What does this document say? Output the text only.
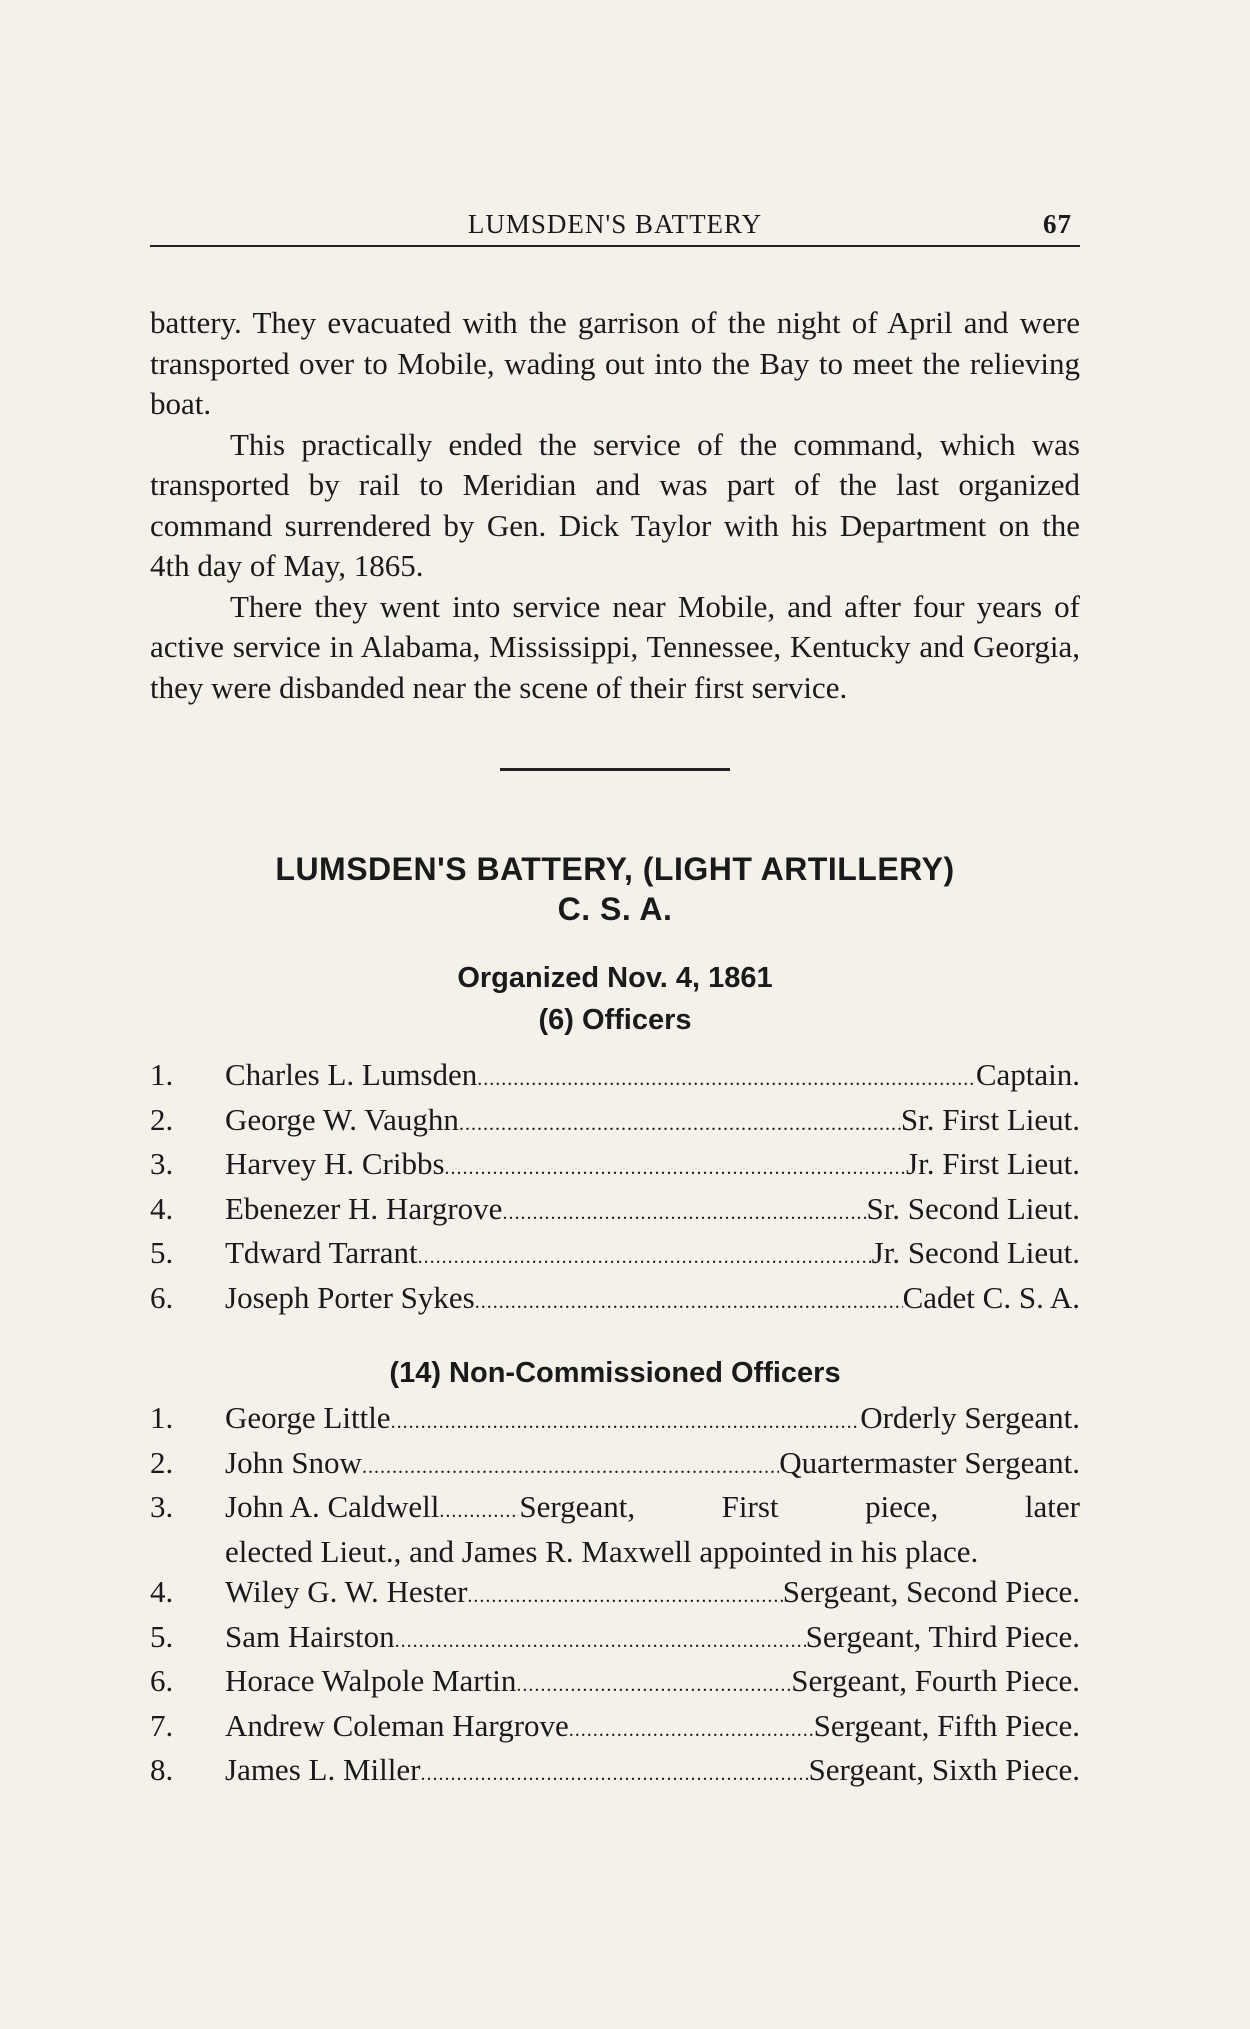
LUMSDEN'S BATTERY	67

battery. They evacuated with the garrison of the night of April and were transported over to Mobile, wading out into the Bay to meet the relieving boat.

This practically ended the service of the command, which was transported by rail to Meridian and was part of the last organized command surrendered by Gen. Dick Taylor with his Department on the 4th day of May, 1865.

There they went into service near Mobile, and after four years of active service in Alabama, Mississippi, Tennessee, Kentucky and Georgia, they were disbanded near the scene of their first service.

LUMSDEN'S BATTERY, (LIGHT ARTILLERY)
C. S. A.
Organized Nov. 4, 1861
(6) Officers
1.	Charles L. Lumsden .....	Captain.
2.	George W. Vaughn .....	Sr. First Lieut.
3.	Harvey H. Cribbs .....	Jr. First Lieut.
4.	Ebenezer H. Hargrove .....	Sr. Second Lieut.
5.	Tdward Tarrant .....	Jr. Second Lieut.
6.	Joseph Porter Sykes .....	Cadet C. S. A.
(14) Non-Commissioned Officers
1.	George Little .....	Orderly Sergeant.
2.	John Snow .....	Quartermaster Sergeant.
3.	John A. Caldwell .....	Sergeant, First piece, later
elected Lieut., and James R. Maxwell appointed in his place.
4.	Wiley G. W. Hester .....	Sergeant, Second Piece.
5.	Sam Hairston .....	Sergeant, Third Piece.
6.	Horace Walpole Martin .....	Sergeant, Fourth Piece.
7.	Andrew Coleman Hargrove .....	Sergeant, Fifth Piece.
8.	James L. Miller .....	Sergeant, Sixth Piece.
